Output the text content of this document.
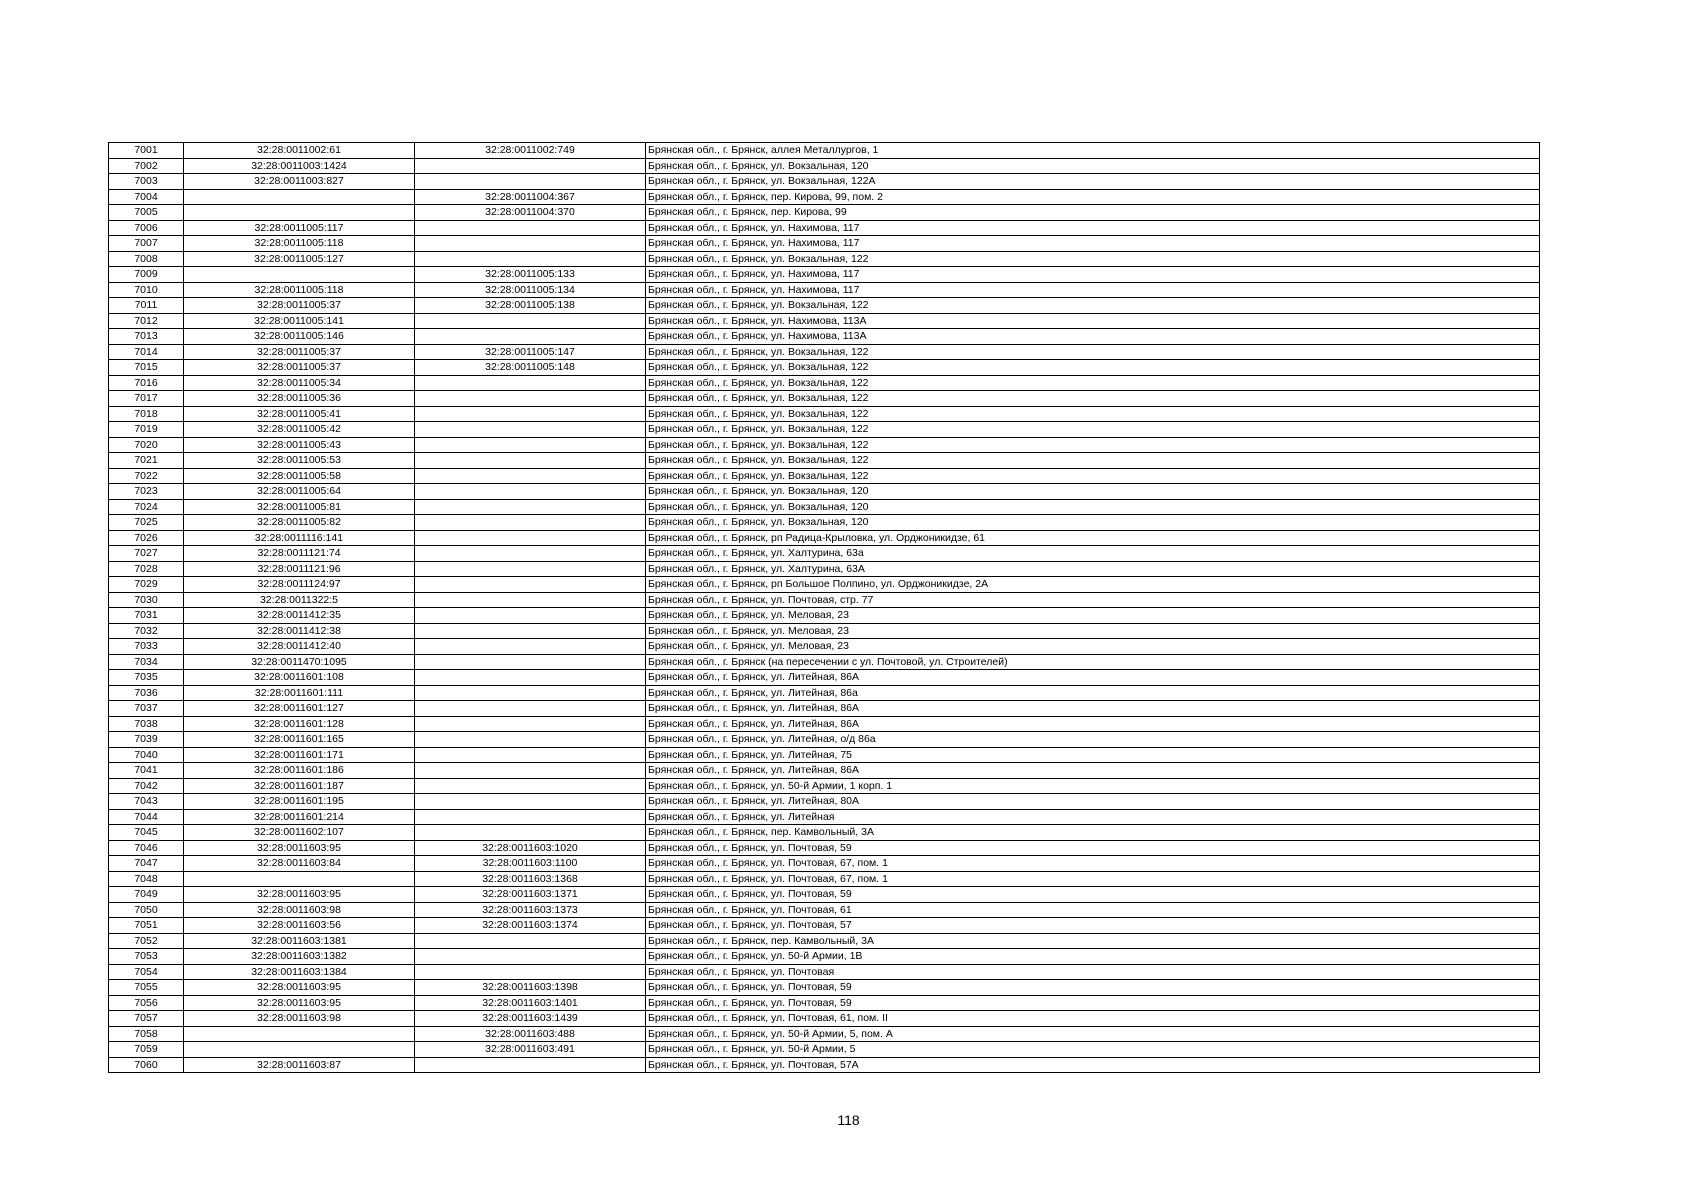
7001	32:28:0011002:61	32:28:0011002:749	Брянская обл., г. Брянск, аллея Металлургов, 1
7002	32:28:0011003:1424		Брянская обл., г. Брянск, ул. Вокзальная, 120
7003	32:28:0011003:827		Брянская обл., г. Брянск, ул. Вокзальная, 122А
7004		32:28:0011004:367	Брянская обл., г. Брянск, пер. Кирова, 99, пом. 2
7005		32:28:0011004:370	Брянская обл., г. Брянск, пер. Кирова, 99
7006	32:28:0011005:117		Брянская обл., г. Брянск, ул. Нахимова, 117
7007	32:28:0011005:118		Брянская обл., г. Брянск, ул. Нахимова, 117
7008	32:28:0011005:127		Брянская обл., г. Брянск, ул. Вокзальная, 122
7009		32:28:0011005:133	Брянская обл., г. Брянск, ул. Нахимова, 117
7010	32:28:0011005:118	32:28:0011005:134	Брянская обл., г. Брянск, ул. Нахимова, 117
7011	32:28:0011005:37	32:28:0011005:138	Брянская обл., г. Брянск, ул. Вокзальная, 122
7012	32:28:0011005:141		Брянская обл., г. Брянск, ул. Нахимова, 113А
7013	32:28:0011005:146		Брянская обл., г. Брянск, ул. Нахимова, 113А
7014	32:28:0011005:37	32:28:0011005:147	Брянская обл., г. Брянск, ул. Вокзальная, 122
7015	32:28:0011005:37	32:28:0011005:148	Брянская обл., г. Брянск, ул. Вокзальная, 122
7016	32:28:0011005:34		Брянская обл., г. Брянск, ул. Вокзальная, 122
7017	32:28:0011005:36		Брянская обл., г. Брянск, ул. Вокзальная, 122
7018	32:28:0011005:41		Брянская обл., г. Брянск, ул. Вокзальная, 122
7019	32:28:0011005:42		Брянская обл., г. Брянск, ул. Вокзальная, 122
7020	32:28:0011005:43		Брянская обл., г. Брянск, ул. Вокзальная, 122
7021	32:28:0011005:53		Брянская обл., г. Брянск, ул. Вокзальная, 122
7022	32:28:0011005:58		Брянская обл., г. Брянск, ул. Вокзальная, 122
7023	32:28:0011005:64		Брянская обл., г. Брянск, ул. Вокзальная, 120
7024	32:28:0011005:81		Брянская обл., г. Брянск, ул. Вокзальная, 120
7025	32:28:0011005:82		Брянская обл., г. Брянск, ул. Вокзальная, 120
7026	32:28:0011116:141		Брянская обл., г. Брянск, рп Радица-Крыловка, ул. Орджоникидзе, 61
7027	32:28:0011121:74		Брянская обл., г. Брянск, ул. Халтурина, 63а
7028	32:28:0011121:96		Брянская обл., г. Брянск, ул. Халтурина, 63А
7029	32:28:0011124:97		Брянская обл., г. Брянск, рп Большое Полпино, ул. Орджоникидзе, 2А
7030	32:28:0011322:5		Брянская обл., г. Брянск, ул. Почтовая, стр. 77
7031	32:28:0011412:35		Брянская обл., г. Брянск, ул. Меловая, 23
7032	32:28:0011412:38		Брянская обл., г. Брянск, ул. Меловая, 23
7033	32:28:0011412:40		Брянская обл., г. Брянск, ул. Меловая, 23
7034	32:28:0011470:1095		Брянская обл., г. Брянск (на пересечении с ул. Почтовой, ул. Строителей)
7035	32:28:0011601:108		Брянская обл., г. Брянск, ул. Литейная, 86А
7036	32:28:0011601:111		Брянская обл., г. Брянск, ул. Литейная, 86а
7037	32:28:0011601:127		Брянская обл., г. Брянск, ул. Литейная, 86А
7038	32:28:0011601:128		Брянская обл., г. Брянск, ул. Литейная, 86А
7039	32:28:0011601:165		Брянская обл., г. Брянск, ул. Литейная, о/д 86а
7040	32:28:0011601:171		Брянская обл., г. Брянск, ул. Литейная, 75
7041	32:28:0011601:186		Брянская обл., г. Брянск, ул. Литейная, 86А
7042	32:28:0011601:187		Брянская обл., г. Брянск, ул. 50-й Армии, 1 корп. 1
7043	32:28:0011601:195		Брянская обл., г. Брянск, ул. Литейная, 80А
7044	32:28:0011601:214		Брянская обл., г. Брянск, ул. Литейная
7045	32:28:0011602:107		Брянская обл., г. Брянск, пер. Камвольный, 3А
7046	32:28:0011603:95	32:28:0011603:1020	Брянская обл., г. Брянск, ул. Почтовая, 59
7047	32:28:0011603:84	32:28:0011603:1100	Брянская обл., г. Брянск, ул. Почтовая, 67, пом. 1
7048		32:28:0011603:1368	Брянская обл., г. Брянск, ул. Почтовая, 67, пом. 1
7049	32:28:0011603:95	32:28:0011603:1371	Брянская обл., г. Брянск, ул. Почтовая, 59
7050	32:28:0011603:98	32:28:0011603:1373	Брянская обл., г. Брянск, ул. Почтовая, 61
7051	32:28:0011603:56	32:28:0011603:1374	Брянская обл., г. Брянск, ул. Почтовая, 57
7052	32:28:0011603:1381		Брянская обл., г. Брянск, пер. Камвольный, 3А
7053	32:28:0011603:1382		Брянская обл., г. Брянск, ул. 50-й Армии, 1В
7054	32:28:0011603:1384		Брянская обл., г. Брянск, ул. Почтовая
7055	32:28:0011603:95	32:28:0011603:1398	Брянская обл., г. Брянск, ул. Почтовая, 59
7056	32:28:0011603:95	32:28:0011603:1401	Брянская обл., г. Брянск, ул. Почтовая, 59
7057	32:28:0011603:98	32:28:0011603:1439	Брянская обл., г. Брянск, ул. Почтовая, 61, пом. II
7058		32:28:0011603:488	Брянская обл., г. Брянск, ул. 50-й Армии, 5, пом. А
7059		32:28:0011603:491	Брянская обл., г. Брянск, ул. 50-й Армии, 5
7060	32:28:0011603:87		Брянская обл., г. Брянск, ул. Почтовая, 57А
118
